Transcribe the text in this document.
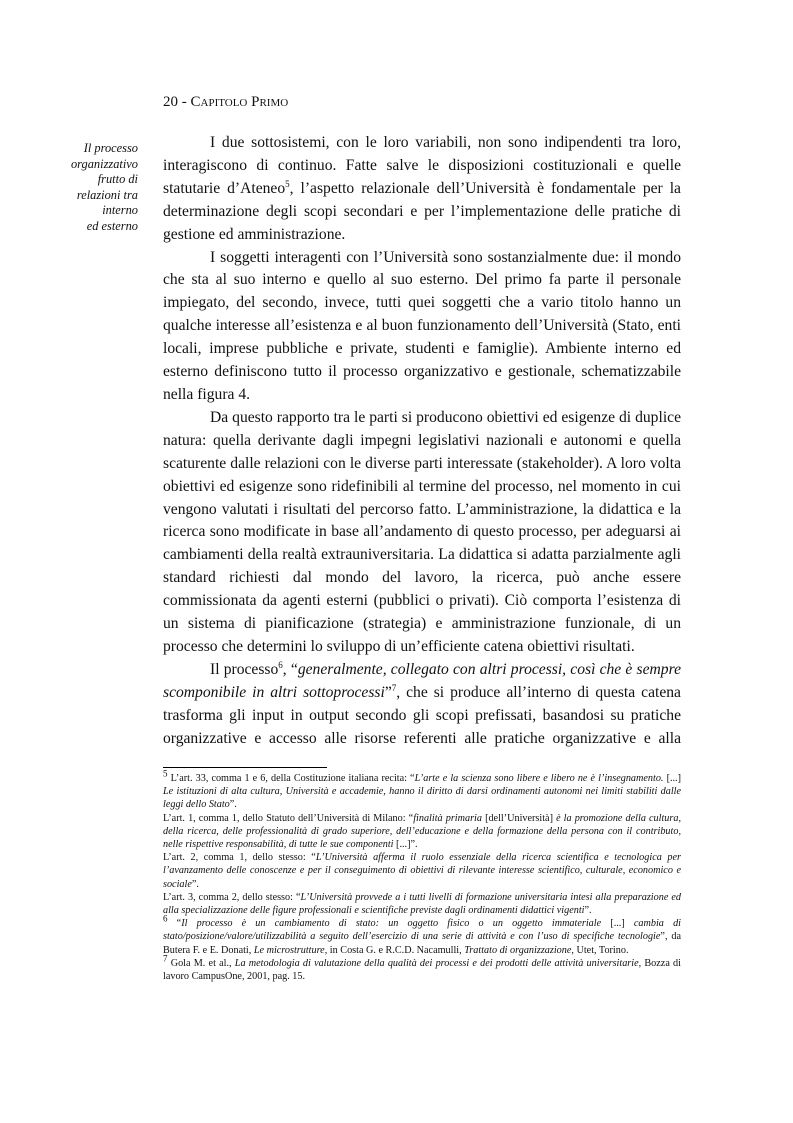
20 - Capitolo Primo
Il processo
organizzativo
frutto di
relazioni tra
interno
ed esterno

I due sottosistemi, con le loro variabili, non sono indipendenti tra loro, interagiscono di continuo. Fatte salve le disposizioni costituzionali e quelle statutarie d’Ateneo$^5$, l’aspetto relazionale dell’Università è fondamentale per la determinazione degli scopi secondari e per l’implementazione delle pratiche di gestione ed amministrazione.

I soggetti interagenti con l’Università sono sostanzialmente due: il mondo che sta al suo interno e quello al suo esterno. Del primo fa parte il personale impiegato, del secondo, invece, tutti quei soggetti che a vario titolo hanno un qualche interesse all’esistenza e al buon funzionamento dell’Università (Stato, enti locali, imprese pubbliche e private, studenti e famiglie). Ambiente interno ed esterno definiscono tutto il processo organizzativo e gestionale, schematizzabile nella figura 4.

Da questo rapporto tra le parti si producono obiettivi ed esigenze di duplice natura: quella derivante dagli impegni legislativi nazionali e autonomi e quella scaturente dalle relazioni con le diverse parti interessate (stakeholder). A loro volta obiettivi ed esigenze sono ridefinibili al termine del processo, nel momento in cui vengono valutati i risultati del percorso fatto. L’amministrazione, la didattica e la ricerca sono modificate in base all’andamento di questo processo, per adeguarsi ai cambiamenti della realtà extrauniversitaria. La didattica si adatta parzialmente agli standard richiesti dal mondo del lavoro, la ricerca, può anche essere commissionata da agenti esterni (pubblici o privati). Ciò comporta l’esistenza di un sistema di pianificazione (strategia) e amministrazione funzionale, di un processo che determini lo sviluppo di un’efficiente catena obiettivi risultati.

Il processo$^6$, “generalmente, collegato con altri processi, così che è sempre scomponibile in altri sottoprocessi”$^7$, che si produce all’interno di questa catena trasforma gli input in output secondo gli scopi prefissati, basandosi su pratiche organizzative e accesso alle risorse referenti alle pratiche organizzative e alla

$^5$ L’art. 33, comma 1 e 6, della Costituzione italiana recita: “L’arte e la scienza sono libere e libero ne è l’insegnamento. [...] Le istituzioni di alta cultura, Università e accademie, hanno il diritto di darsi ordinamenti autonomi nei limiti stabiliti dalle leggi dello Stato”.

L’art. 1, comma 1, dello Statuto dell’Università di Milano: “finalità primaria [dell’Università] è la promozione della cultura, della ricerca, delle professionalità di grado superiore, dell’educazione e della formazione della persona con il contributo, nelle rispettive responsabilità, di tutte le sue componenti [...]”.

L’art. 2, comma 1, dello stesso: “L’Università afferma il ruolo essenziale della ricerca scientifica e tecnologica per l’avanzamento delle conoscenze e per il conseguimento di obiettivi di rilevante interesse scientifico, culturale, economico e sociale”.

L’art. 3, comma 2, dello stesso: “L’Università provvede a i tutti livelli di formazione universitaria intesi alla preparazione ed alla specializzazione delle figure professionali e scientifiche previste dagli ordinamenti didattici vigenti”.

$^6$ “Il processo è un cambiamento di stato: un oggetto fisico o un oggetto immateriale [...] cambia di stato/posizione/valore/utilizzabilità a seguito dell’esercizio di una serie di attività e con l’uso di specifiche tecnologie”, da Butera F. e E. Donati, Le microstrutture, in Costa G. e R.C.D. Nacamulli, Trattato di organizzazione, Utet, Torino.

$^7$ Gola M. et al., La metodologia di valutazione della qualità dei processi e dei prodotti delle attività universitarie, Bozza di lavoro CampusOne, 2001, pag. 15.
